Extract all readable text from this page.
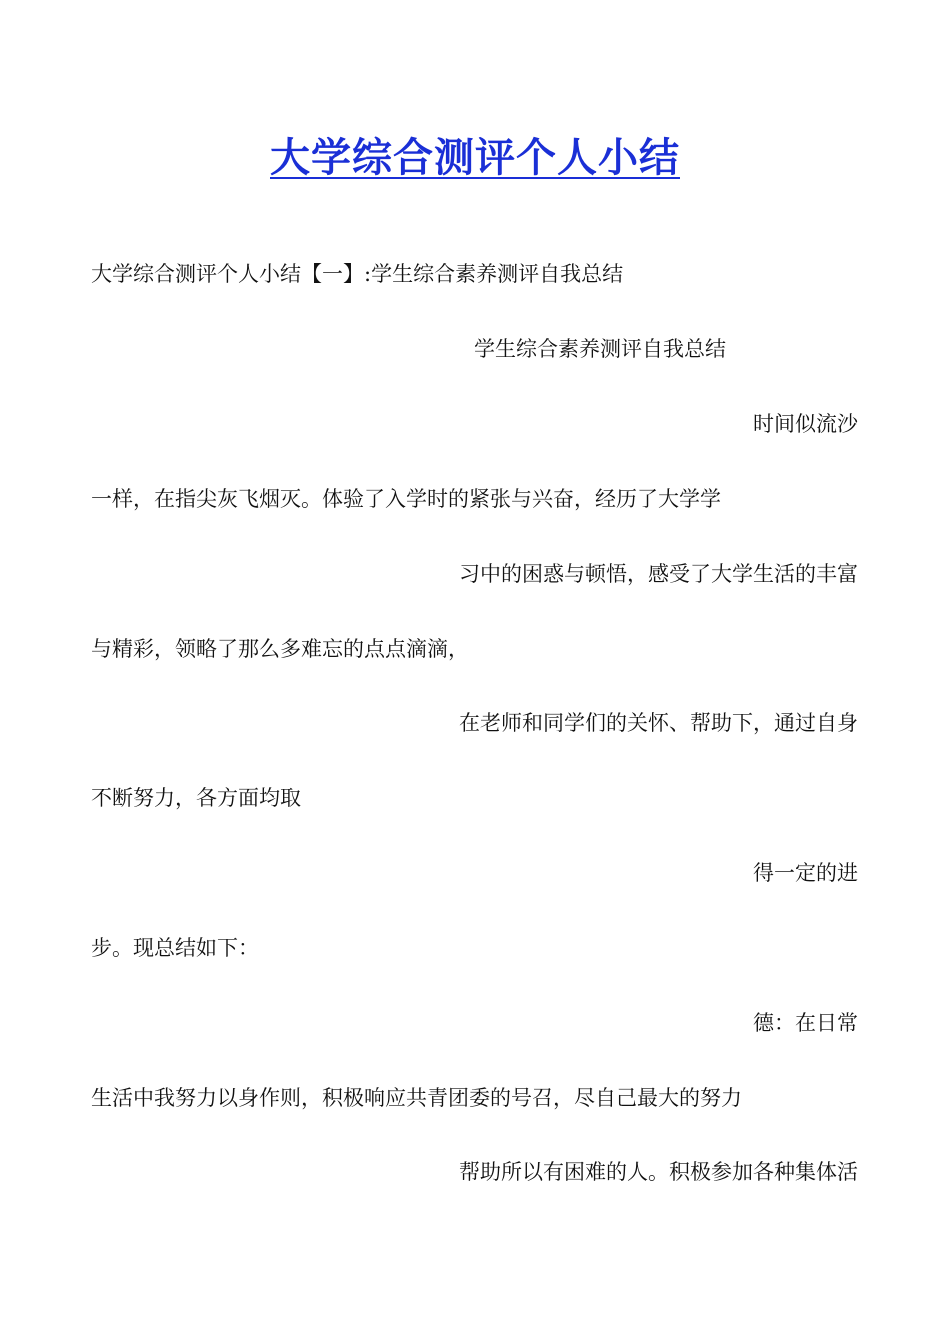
大学综合测评个人小结

大学综合测评个人小结【一】:学生综合素养测评自我总结

学生综合素养测评自我总结

时间似流沙

一样，在指尖灰飞烟灭。体验了入学时的紧张与兴奋，经历了大学学

习中的困惑与顿悟，感受了大学生活的丰富

与精彩，领略了那么多难忘的点点滴滴，

在老师和同学们的关怀、帮助下，通过自身

不断努力，各方面均取

得一定的进

步。现总结如下：

德：在日常

生活中我努力以身作则，积极响应共青团委的号召，尽自己最大的努力

帮助所以有困难的人。积极参加各种集体活
